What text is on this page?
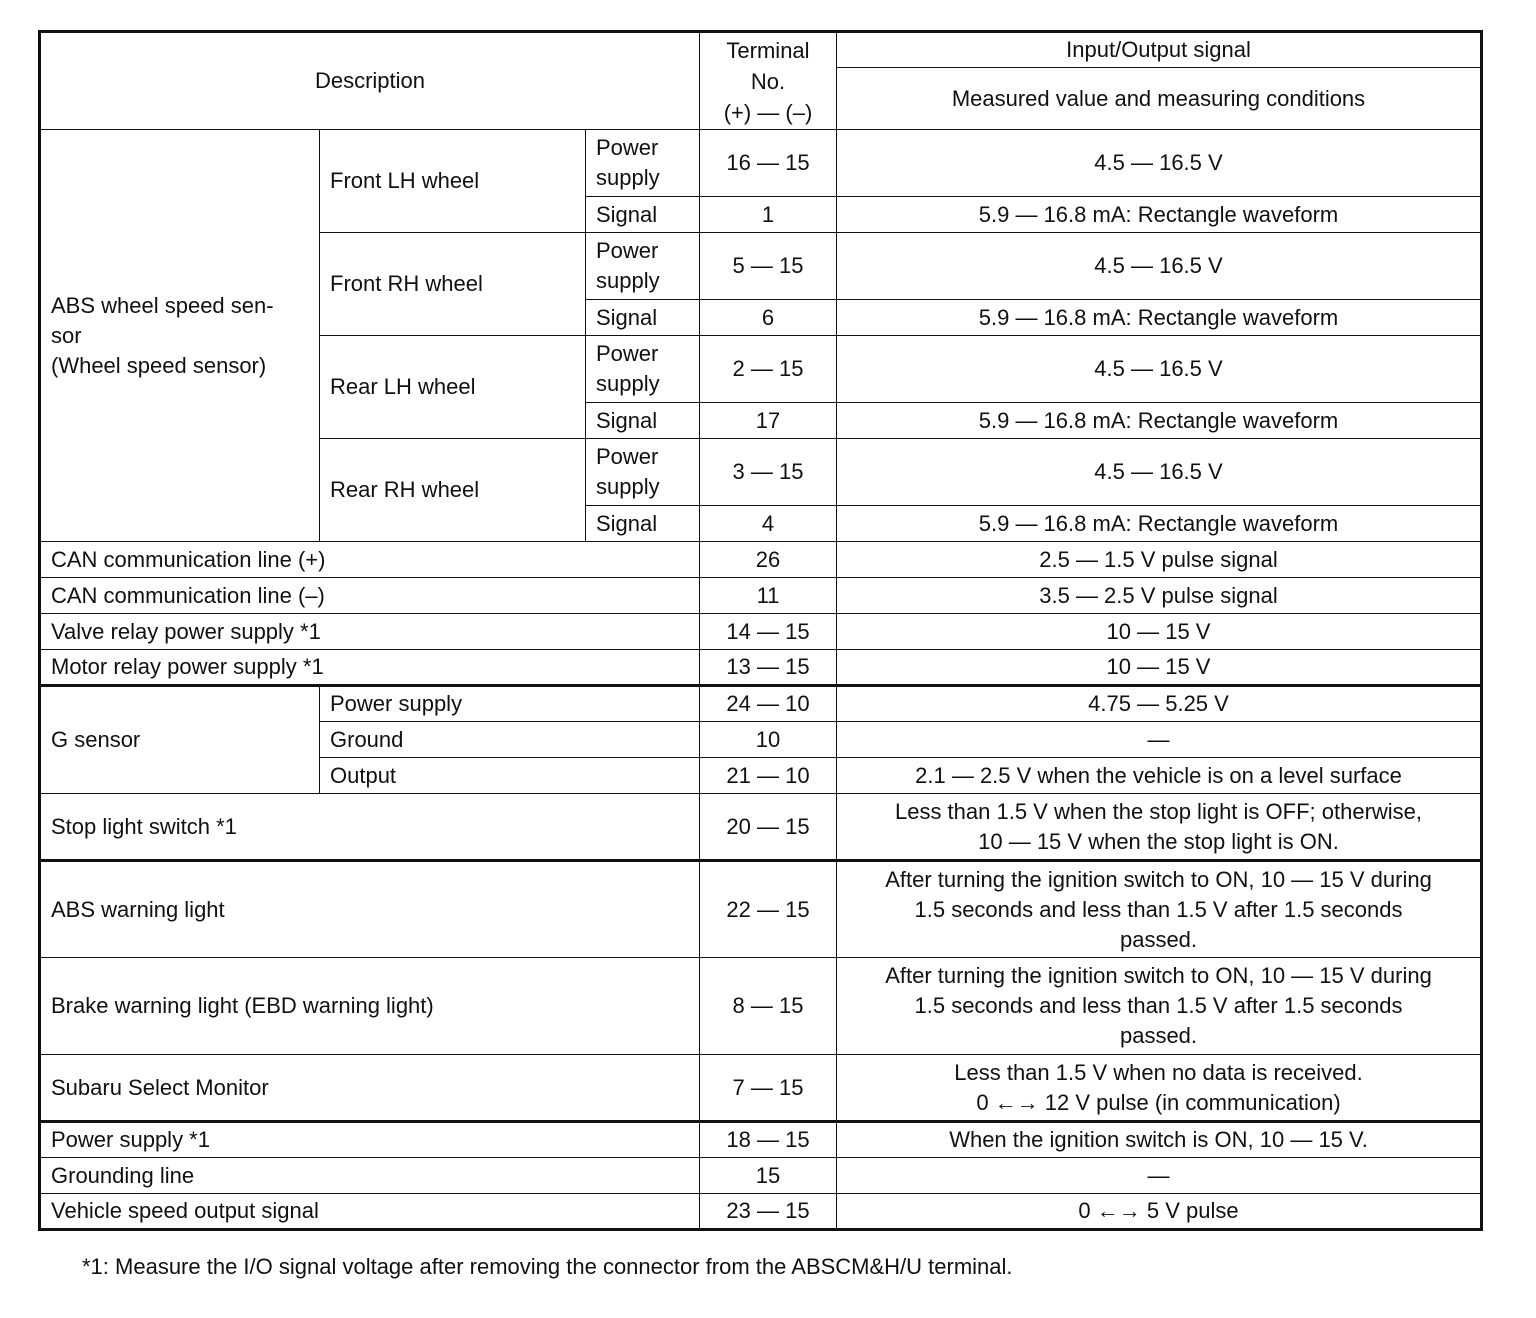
Description			Terminal
No.
(+) — (–)	Input/Output signal
				Measured value and measuring conditions
ABS wheel speed sen-
sor
(Wheel speed sensor)	Front LH wheel	Power
supply	16 — 15	4.5 — 16.5 V
		Signal	1	5.9 — 16.8 mA: Rectangle waveform
	Front RH wheel	Power
supply	5 — 15	4.5 — 16.5 V
		Signal	6	5.9 — 16.8 mA: Rectangle waveform
	Rear LH wheel	Power
supply	2 — 15	4.5 — 16.5 V
		Signal	17	5.9 — 16.8 mA: Rectangle waveform
	Rear RH wheel	Power
supply	3 — 15	4.5 — 16.5 V
		Signal	4	5.9 — 16.8 mA: Rectangle waveform
CAN communication line (+)			26	2.5 — 1.5 V pulse signal
CAN communication line (–)			11	3.5 — 2.5 V pulse signal
Valve relay power supply *1			14 — 15	10 — 15 V
Motor relay power supply *1			13 — 15	10 — 15 V
G sensor	Power supply		24 — 10	4.75 — 5.25 V
	Ground		10	—
	Output		21 — 10	2.1 — 2.5 V when the vehicle is on a level surface
Stop light switch *1			20 — 15	Less than 1.5 V when the stop light is OFF; otherwise,
10 — 15 V when the stop light is ON.
ABS warning light			22 — 15	After turning the ignition switch to ON, 10 — 15 V during
1.5 seconds and less than 1.5 V after 1.5 seconds
passed.
Brake warning light (EBD warning light)			8 — 15	After turning the ignition switch to ON, 10 — 15 V during
1.5 seconds and less than 1.5 V after 1.5 seconds
passed.
Subaru Select Monitor			7 — 15	Less than 1.5 V when no data is received.
0 ←→ 12 V pulse (in communication)
Power supply *1			18 — 15	When the ignition switch is ON, 10 — 15 V.
Grounding line			15	—
Vehicle speed output signal			23 — 15	0 ←→ 5 V pulse
*1: Measure the I/O signal voltage after removing the connector from the ABSCM&H/U terminal.
